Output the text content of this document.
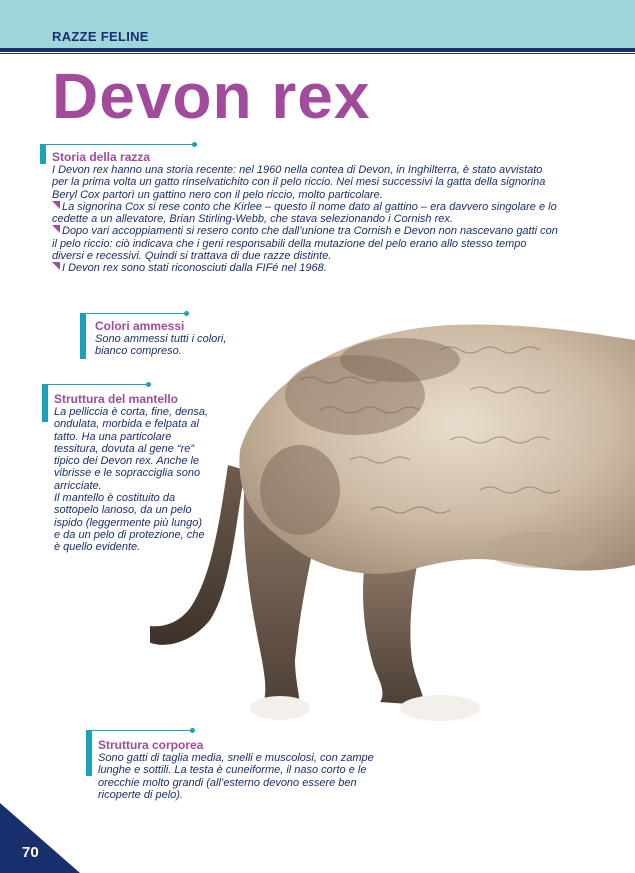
RAZZE FELINE
Devon rex
Storia della razza

I Devon rex hanno una storia recente: nel 1960 nella contea di Devon, in Inghilterra, è stato avvistato per la prima volta un gatto rinselvatichito con il pelo riccio. Nei mesi successivi la gatta della signorina Beryl Cox partorì un gattino nero con il pelo riccio, molto particolare.

La signorina Cox si rese conto che Kirlee – questo il nome dato al gattino – era davvero singolare e lo cedette a un allevatore, Brian Stirling-Webb, che stava selezionando i Cornish rex.

Dopo vari accoppiamenti si resero conto che dall’unione tra Cornish e Devon non nascevano gatti con il pelo riccio: ciò indicava che i geni responsabili della mutazione del pelo erano allo stesso tempo diversi e recessivi. Quindi si trattava di due razze distinte.

I Devon rex sono stati riconosciuti dalla FIFé nel 1968.

Colori ammessi

Sono ammessi tutti i colori, bianco compreso.

Struttura del mantello

La pelliccia è corta, fine, densa, ondulata, morbida e felpata al tatto. Ha una particolare tessitura, dovuta al gene “re” tipico dei Devon rex. Anche le vibrisse e le sopracciglia sono arricciate.

Il mantello è costituito da sottopelo lanoso, da un pelo ispido (leggermente più lungo) e da un pelo di protezione, che è quello evidente.

Struttura corporea

Sono gatti di taglia media, snelli e muscolosi, con zampe lunghe e sottili. La testa è cuneiforme, il naso corto e le orecchie molto grandi (all’esterno devono essere ben ricoperte di pelo).

70
